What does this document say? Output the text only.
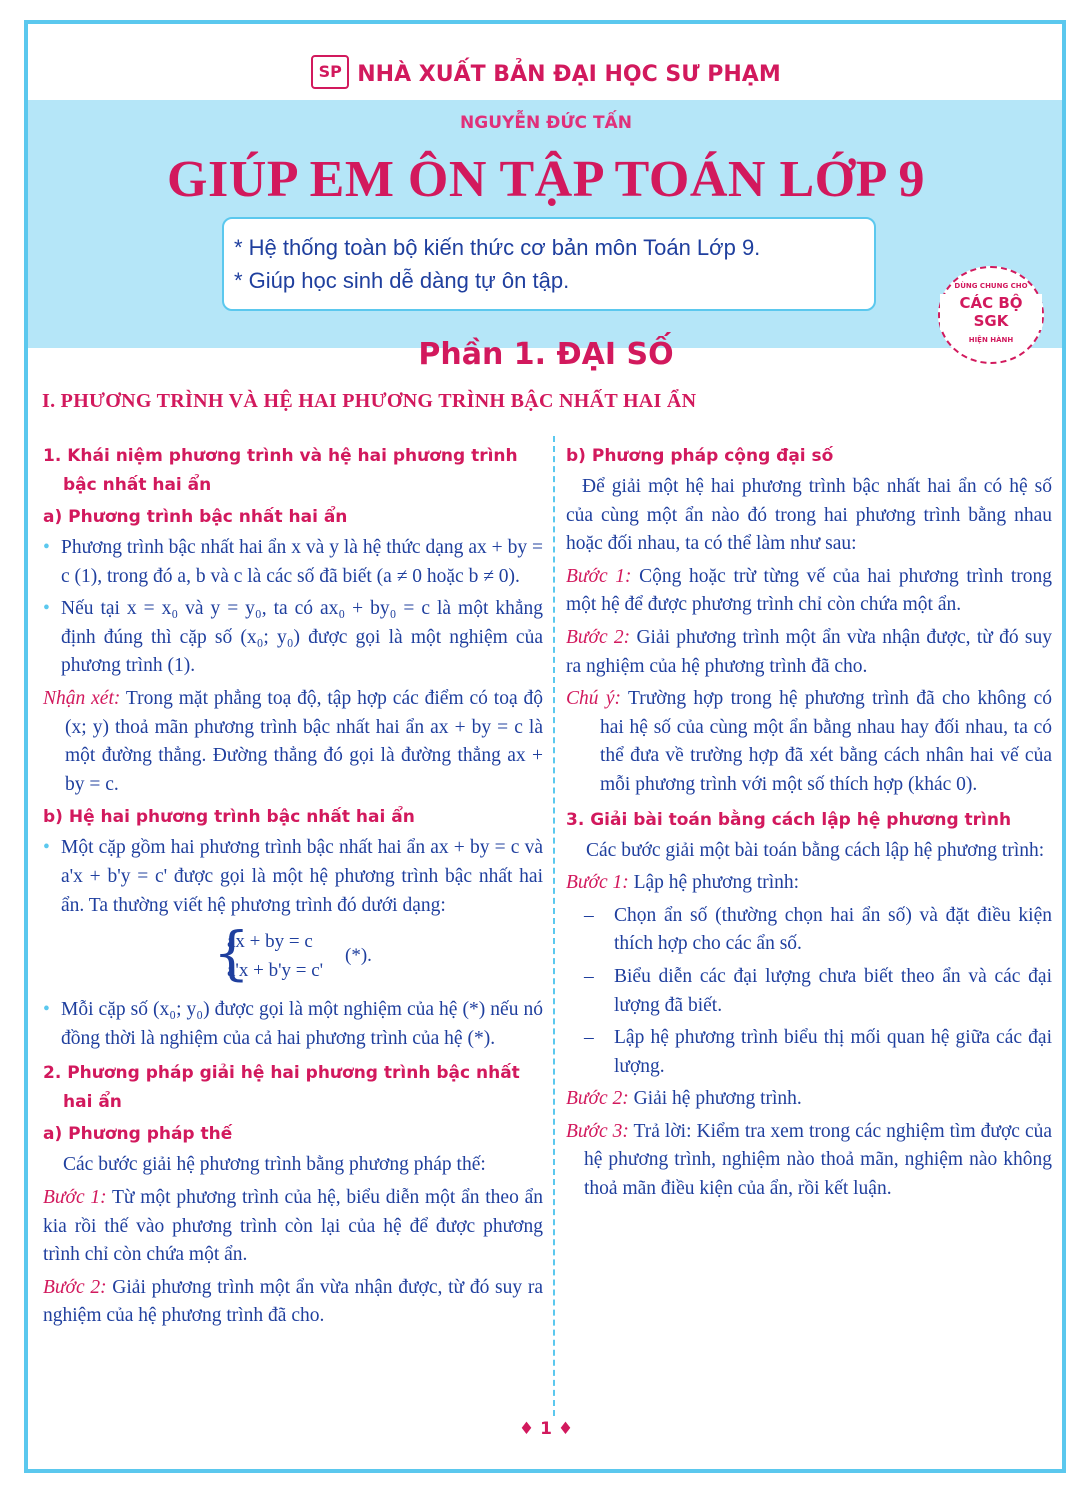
SP NHÀ XUẤT BẢN ĐẠI HỌC SƯ PHẠM
NGUYỄN ĐỨC TẤN
GIÚP EM ÔN TẬP TOÁN LỚP 9
* Hệ thống toàn bộ kiến thức cơ bản môn Toán Lớp 9.
* Giúp học sinh dễ dàng tự ôn tập.	DÙNG CHUNG CHO
CÁC BỘ SGK
HIỆN HÀNH
Phần 1. ĐẠI SỐ
I. PHƯƠNG TRÌNH VÀ HỆ HAI PHƯƠNG TRÌNH BẬC NHẤT HAI ẨN
1. Khái niệm phương trình và hệ hai phương trình
bậc nhất hai ẩn
a) Phương trình bậc nhất hai ẩn
• Phương trình bậc nhất hai ẩn x và y là hệ thức dạng ax + by = c (1), trong đó a, b và c là các số đã biết (a ≠ 0 hoặc b ≠ 0).
• Nếu tại x = x₀ và y = y₀, ta có ax₀ + by₀ = c là một khẳng định đúng thì cặp số (x₀; y₀) được gọi là một nghiệm của phương trình (1).
Nhận xét: Trong mặt phẳng toạ độ, tập hợp các điểm có toạ độ (x; y) thoả mãn phương trình bậc nhất hai ẩn ax + by = c là một đường thẳng. Đường thẳng đó gọi là đường thẳng ax + by = c.
b) Hệ hai phương trình bậc nhất hai ẩn
• Một cặp gồm hai phương trình bậc nhất hai ẩn ax + by = c và a'x + b'y = c' được gọi là một hệ phương trình bậc nhất hai ẩn. Ta thường viết hệ phương trình đó dưới dạng:
{
ax + by = c
a'x + b'y = c'
(*).
• Mỗi cặp số (x₀; y₀) được gọi là một nghiệm của hệ (*) nếu nó đồng thời là nghiệm của cả hai phương trình của hệ (*).
2. Phương pháp giải hệ hai phương trình bậc nhất
hai ẩn
a) Phương pháp thế
Các bước giải hệ phương trình bằng phương pháp thế:
Bước 1: Từ một phương trình của hệ, biểu diễn một ẩn theo ẩn kia rồi thế vào phương trình còn lại của hệ để được phương trình chỉ còn chứa một ẩn.
Bước 2: Giải phương trình một ẩn vừa nhận được, từ đó suy ra nghiệm của hệ phương trình đã cho.
b) Phương pháp cộng đại số
Để giải một hệ hai phương trình bậc nhất hai ẩn có hệ số của cùng một ẩn nào đó trong hai phương trình bằng nhau hoặc đối nhau, ta có thể làm như sau:
Bước 1: Cộng hoặc trừ từng vế của hai phương trình trong một hệ để được phương trình chỉ còn chứa một ẩn.
Bước 2: Giải phương trình một ẩn vừa nhận được, từ đó suy ra nghiệm của hệ phương trình đã cho.
Chú ý: Trường hợp trong hệ phương trình đã cho không có hai hệ số của cùng một ẩn bằng nhau hay đối nhau, ta có thể đưa về trường hợp đã xét bằng cách nhân hai vế của mỗi phương trình với một số thích hợp (khác 0).
3. Giải bài toán bằng cách lập hệ phương trình
Các bước giải một bài toán bằng cách lập hệ phương trình:
Bước 1: Lập hệ phương trình:
– Chọn ẩn số (thường chọn hai ẩn số) và đặt điều kiện thích hợp cho các ẩn số.
– Biểu diễn các đại lượng chưa biết theo ẩn và các đại lượng đã biết.
– Lập hệ phương trình biểu thị mối quan hệ giữa các đại lượng.
Bước 2: Giải hệ phương trình.
Bước 3: Trả lời: Kiểm tra xem trong các nghiệm tìm được của hệ phương trình, nghiệm nào thoả mãn, nghiệm nào không thoả mãn điều kiện của ẩn, rồi kết luận.
♦ 1 ♦
